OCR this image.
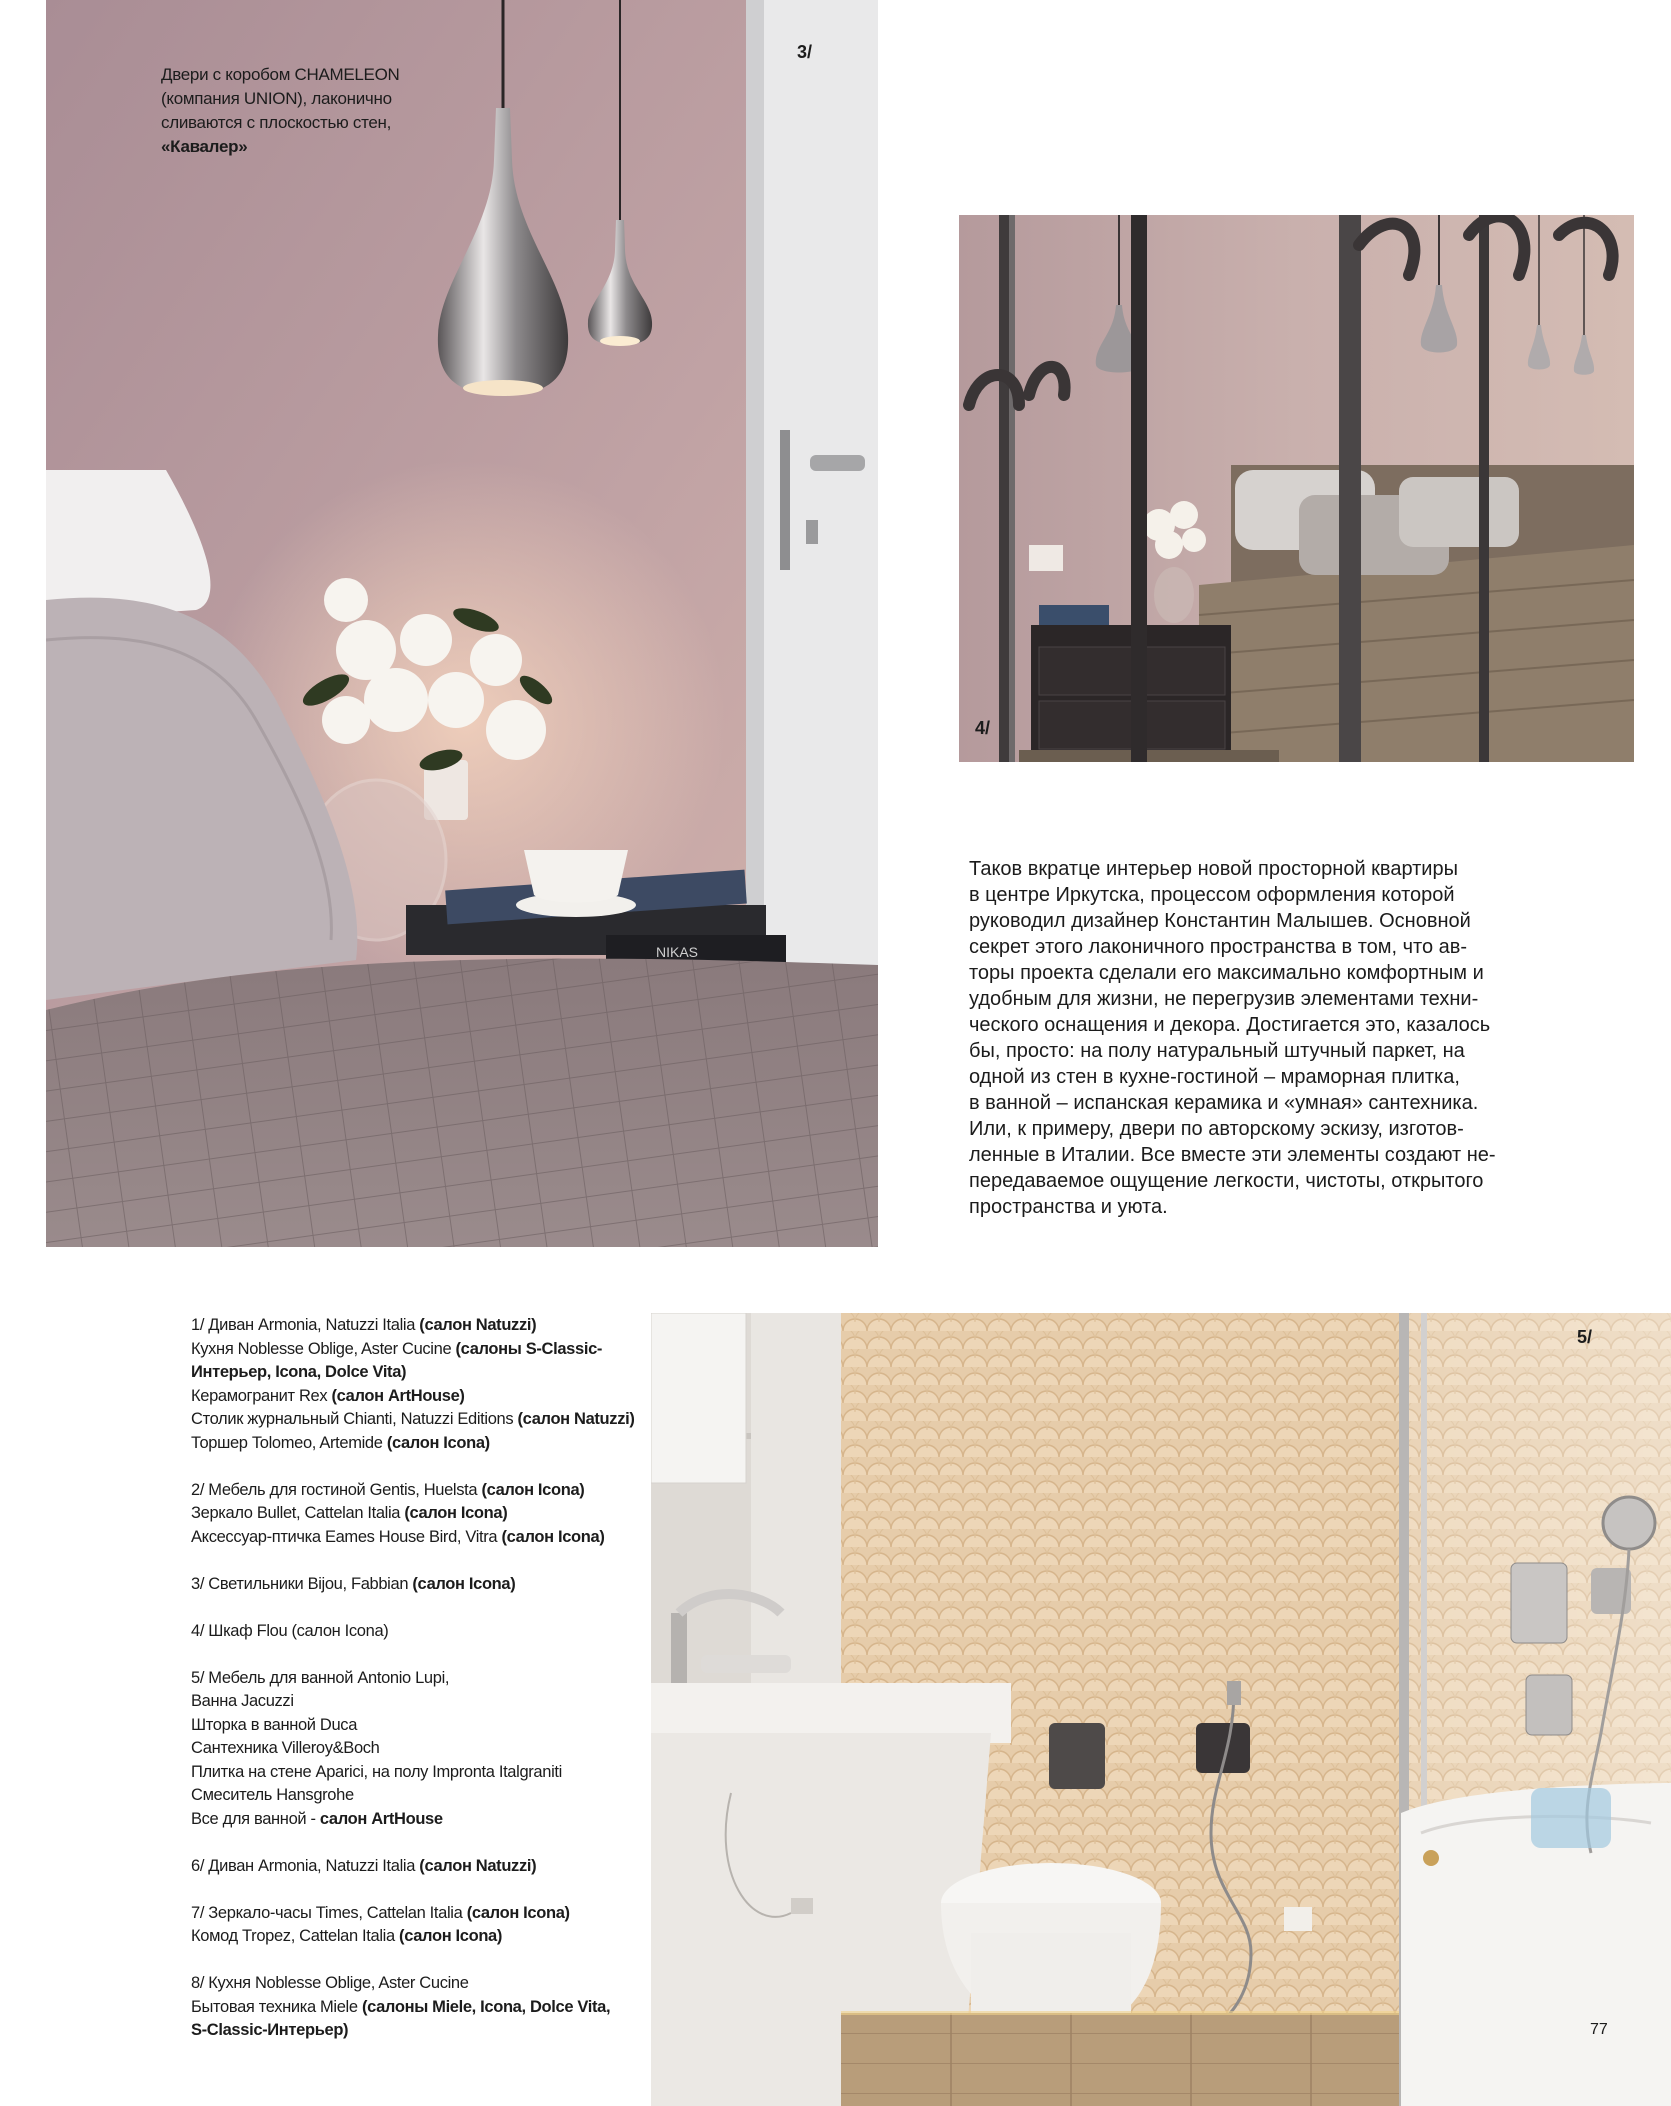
NIKAS
Двери с коробом CHAMELEON
(компания UNION), лаконично
сливаются с плоскостью стен,
«Кавалер»
3/
4/

Таков вкратце интерьер новой просторной квартиры

в центре Иркутска, процессом оформления которой

руководил дизайнер Константин Малышев. Основной

секрет этого лаконичного пространства в том, что ав-

торы проекта сделали его максимально комфортным и

удобным для жизни, не перегрузив элементами техни-

ческого оснащения и декора. Достигается это, казалось

бы, просто: на полу натуральный штучный паркет, на

одной из стен в кухне-гостиной – мраморная плитка,

в ванной – испанская керамика и «умная» сантехника.

Или, к примеру, двери по авторскому эскизу, изготов-

ленные в Италии. Все вместе эти элементы создают не-

передаваемое ощущение легкости, чистоты, открытого

пространства и уюта.

1/ Диван Armonia, Natuzzi Italia (салон Natuzzi)
Кухня Noblesse Oblige, Aster Cucine (салоны S-Classic-
Интерьер, Icona, Dolce Vita)
Керамогранит Rex (салон ArtHouse)
Столик журнальный Chianti, Natuzzi Editions (салон Natuzzi)
Торшер Tolomeo, Artemide (салон Icona)
2/ Мебель для гостиной Gentis, Huelsta (салон Icona)
Зеркало Bullet, Cattelan Italia (салон Icona)
Аксессуар-птичка Eames House Bird, Vitra (салон Icona)
3/ Светильники Bijou, Fabbian (салон Icona)
4/ Шкаф Flou (салон Icona)
5/ Мебель для ванной Antonio Lupi,
Ванна Jacuzzi
Шторка в ванной Duca
Сантехника Villeroy&Boch
Плитка на стене Aparici, на полу Impronta Italgraniti
Смеситель Hansgrohe
Все для ванной - салон ArtHouse
6/ Диван Armonia, Natuzzi Italia (салон Natuzzi)
7/ Зеркало-часы Times, Cattelan Italia (салон Icona)
Комод Tropez, Cattelan Italia (салон Icona)
8/ Кухня Noblesse Oblige, Aster Cucine
Бытовая техника Miele (салоны Miele, Icona, Dolce Vita,
S-Classic-Интерьер)
5/
77
